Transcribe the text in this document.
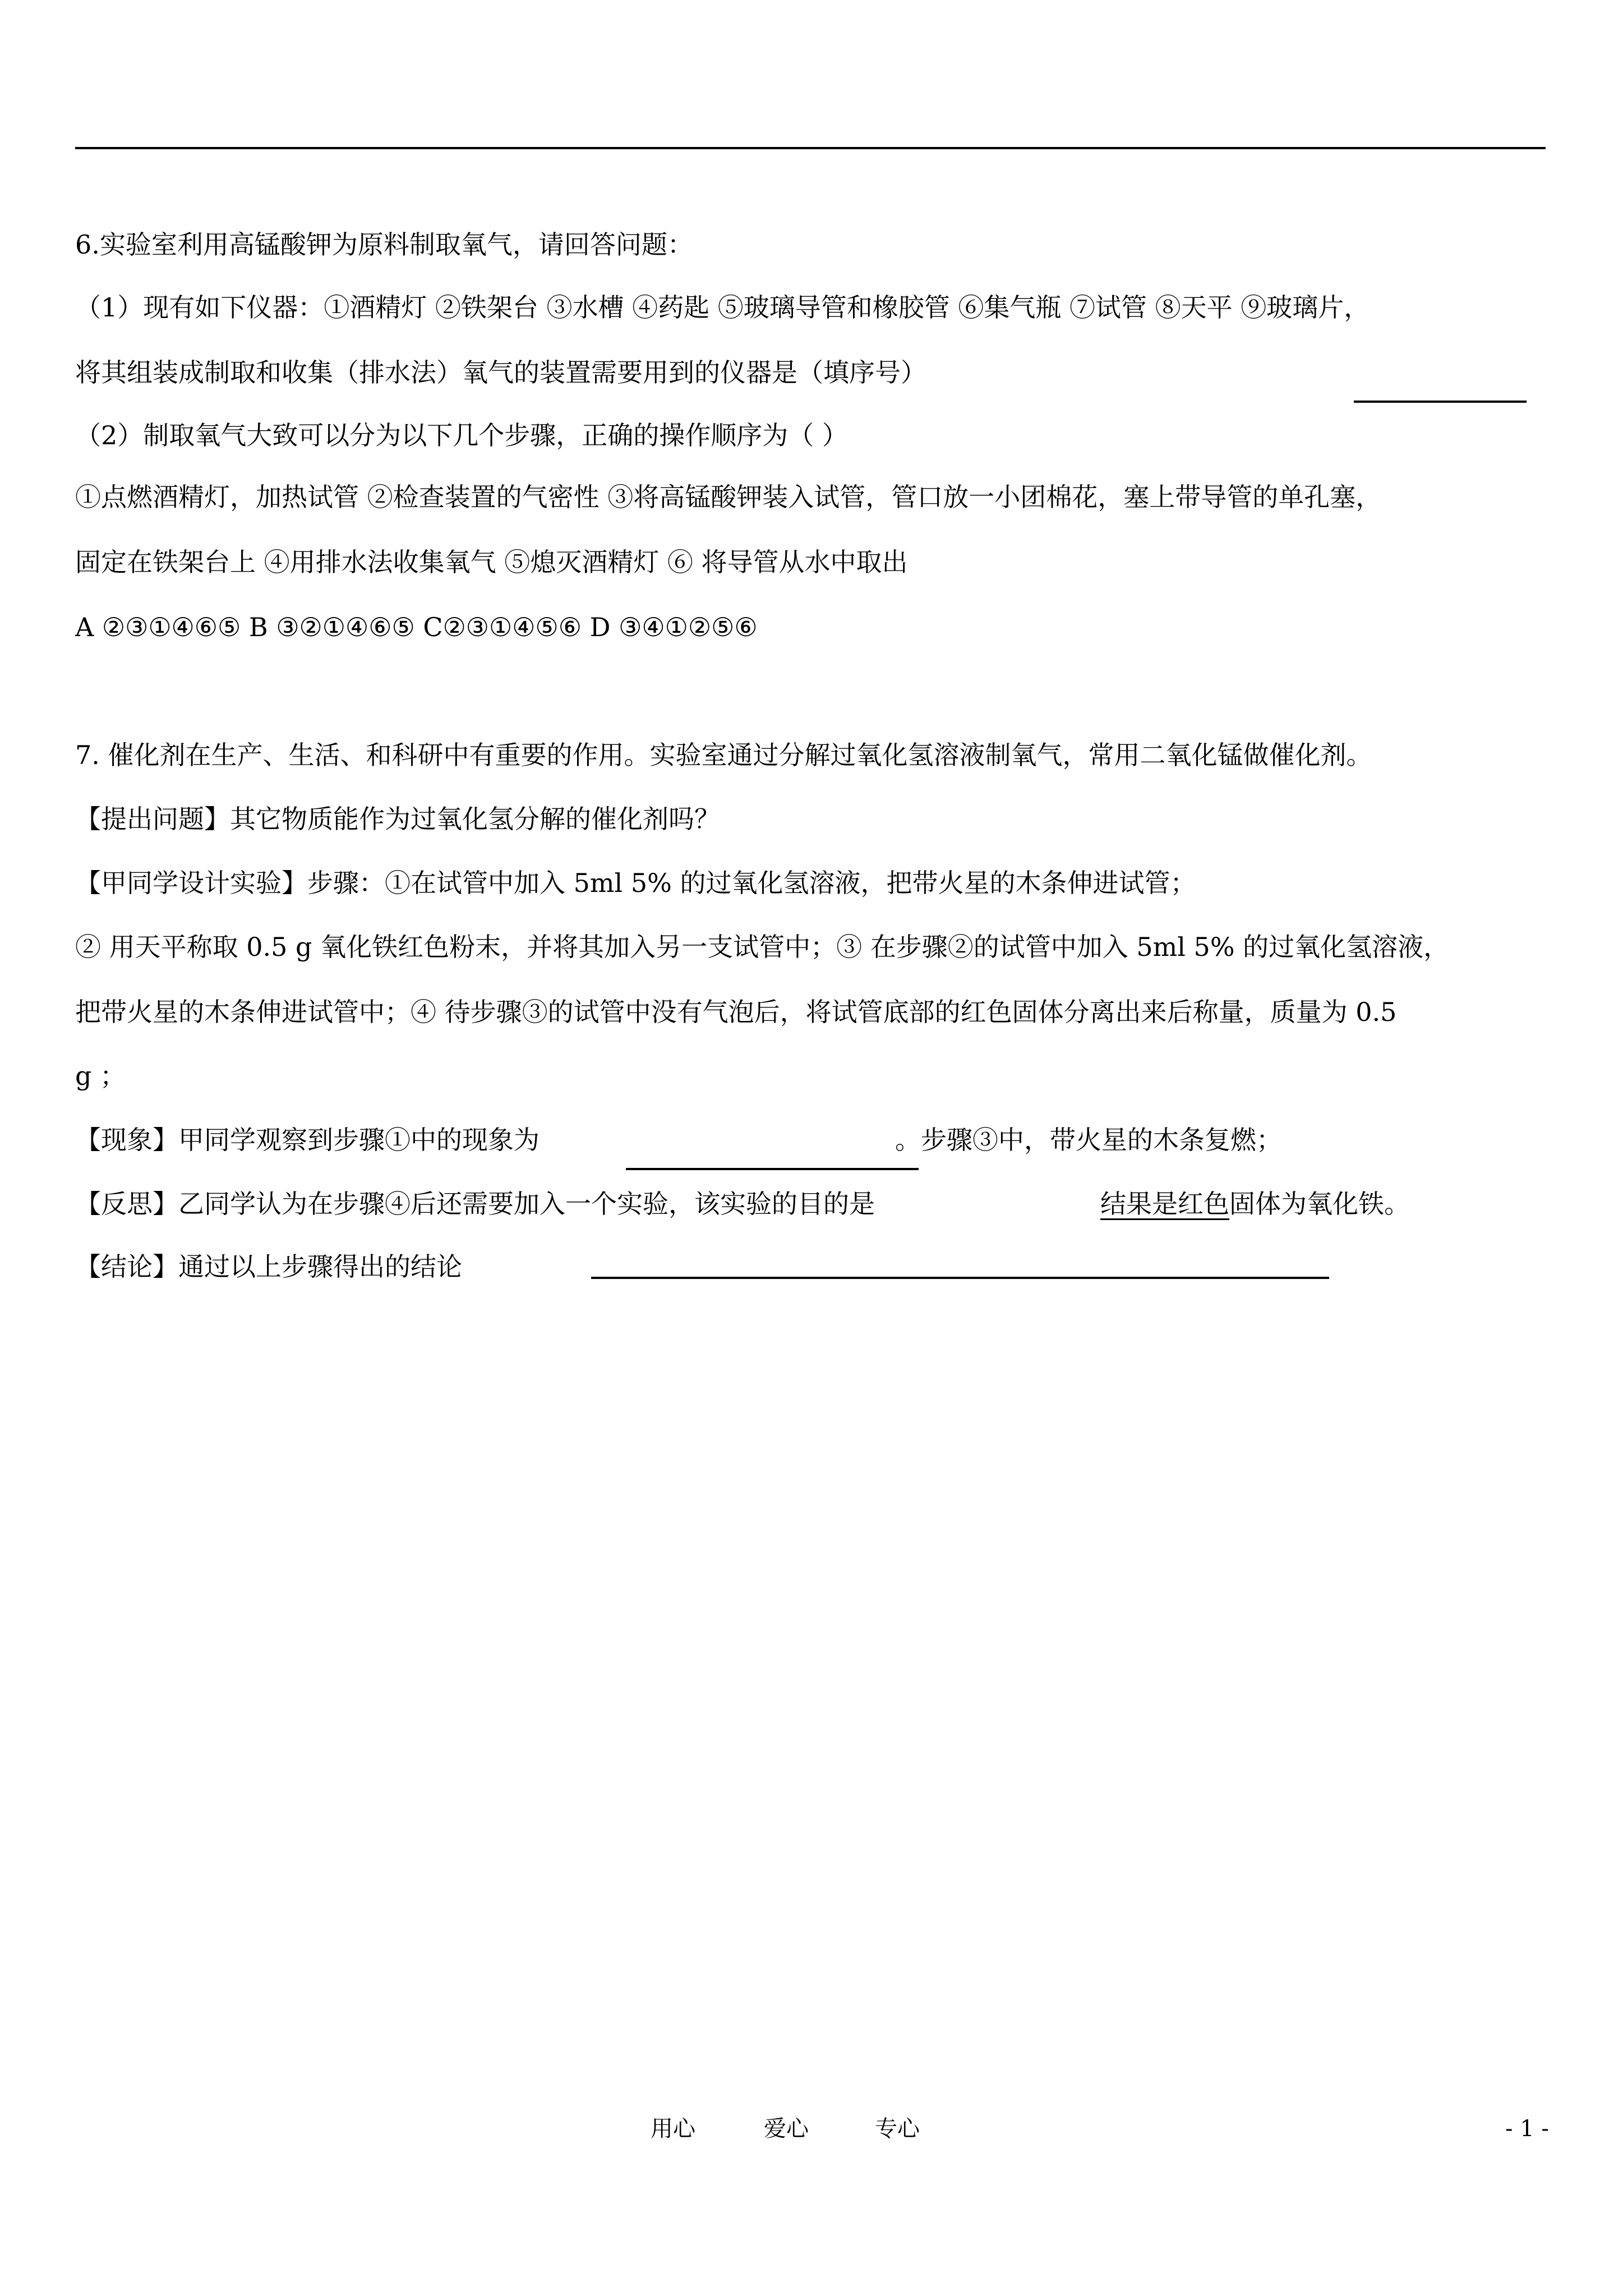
6.实验室利用高锰酸钾为原料制取氧气，请回答问题：
（1）现有如下仪器：①酒精灯 ②铁架台 ③水槽 ④药匙 ⑤玻璃导管和橡胶管 ⑥集气瓶 ⑦试管 ⑧天平 ⑨玻璃片，
将其组装成制取和收集（排水法）氧气的装置需要用到的仪器是（填序号）
（2）制取氧气大致可以分为以下几个步骤，正确的操作顺序为（ ）
①点燃酒精灯，加热试管 ②检查装置的气密性 ③将高锰酸钾装入试管，管口放一小团棉花，塞上带导管的单孔塞，
固定在铁架台上 ④用排水法收集氧气 ⑤熄灭酒精灯 ⑥ 将导管从水中取出
A ②③①④⑥⑤ B ③②①④⑥⑤ C②③①④⑤⑥ D ③④①②⑤⑥
7. 催化剂在生产、生活、和科研中有重要的作用。实验室通过分解过氧化氢溶液制氧气，常用二氧化锰做催化剂。
【提出问题】其它物质能作为过氧化氢分解的催化剂吗？
【甲同学设计实验】步骤：①在试管中加入 5ml 5% 的过氧化氢溶液，把带火星的木条伸进试管；
② 用天平称取 0.5 g 氧化铁红色粉末，并将其加入另一支试管中；③ 在步骤②的试管中加入 5ml 5% 的过氧化氢溶液，
把带火星的木条伸进试管中；④ 待步骤③的试管中没有气泡后，将试管底部的红色固体分离出来后称量，质量为 0.5
g ；
【现象】甲同学观察到步骤①中的现象为	。步骤③中，带火星的木条复燃；
【反思】乙同学认为在步骤④后还需要加入一个实验，该实验的目的是	结果是红色固体为氧化铁。
【结论】通过以上步骤得出的结论
用心	爱心	专心	- 1 -
